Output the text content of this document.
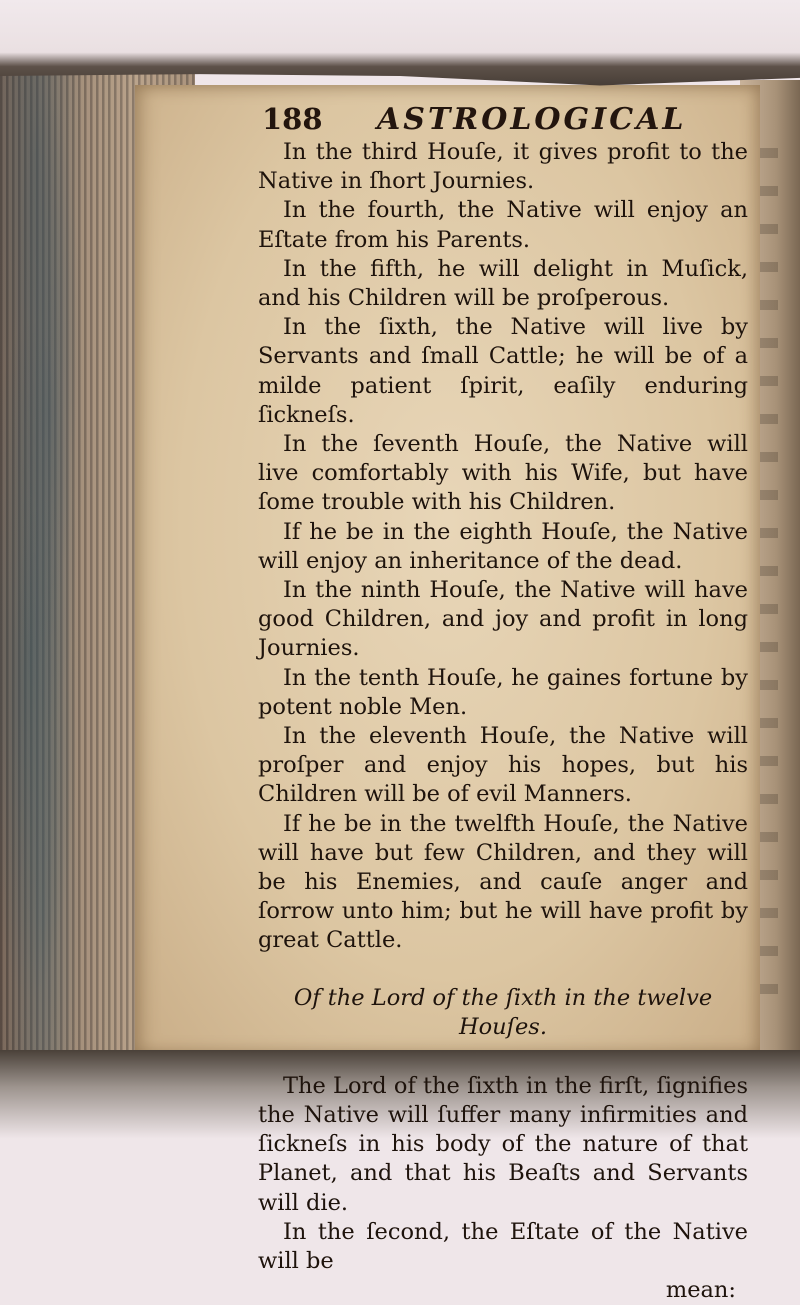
188 ASTROLOGICAL

In the third Houſe, it gives profit to the Native in ſhort Journies.

In the fourth, the Native will enjoy an Eſtate from his Parents.

In the fifth, he will delight in Muſick, and his Children will be proſperous.

In the ſixth, the Native will live by Servants and ſmall Cattle; he will be of a milde patient ſpirit, eaſily enduring ſickneſs.

In the ſeventh Houſe, the Native will live comfortably with his Wife, but have ſome trouble with his Children.

If he be in the eighth Houſe, the Native will enjoy an inheritance of the dead.

In the ninth Houſe, the Native will have good Children, and joy and profit in long Journies.

In the tenth Houſe, he gaines fortune by potent noble Men.

In the eleventh Houſe, the Native will proſper and enjoy his hopes, but his Children will be of evil Manners.

If he be in the twelfth Houſe, the Native will have but few Children, and they will be his Enemies, and cauſe anger and ſorrow unto him; but he will have profit by great Cattle.

Of the Lord of the ſixth in the twelve
Houſes.

The Lord of the ſixth in the firſt, ſignifies the Native will ſuffer many infirmities and ſickneſs in his body of the nature of that Planet, and that his Beaſts and Servants will die.

In the ſecond, the Eſtate of the Native will be

mean:
